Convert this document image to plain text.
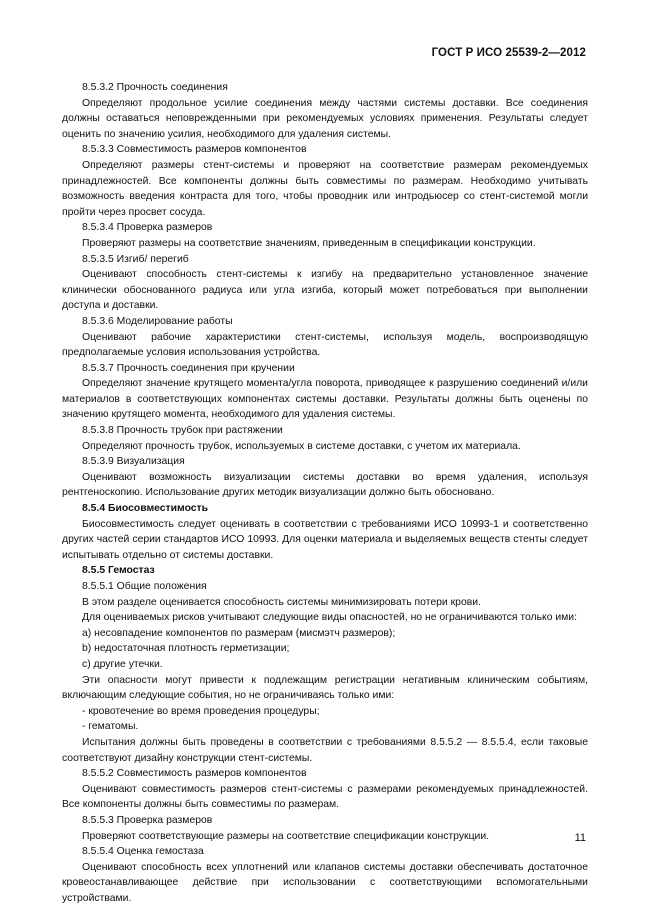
ГОСТ Р ИСО 25539-2—2012

8.5.3.2 Прочность соединения

Определяют продольное усилие соединения между частями системы доставки. Все соединения должны оставаться неповрежденными при рекомендуемых условиях применения. Результаты следует оценить по значению усилия, необходимого для удаления системы.

8.5.3.3 Совместимость размеров компонентов

Определяют размеры стент-системы и проверяют на соответствие размерам рекомендуемых принадлежностей. Все компоненты должны быть совместимы по размерам. Необходимо учитывать возможность введения контраста для того, чтобы проводник или интродьюсер со стент-системой могли пройти через просвет сосуда.

8.5.3.4 Проверка размеров

Проверяют размеры на соответствие значениям, приведенным в спецификации конструкции.

8.5.3.5 Изгиб/ перегиб

Оценивают способность стент-системы к изгибу на предварительно установленное значение клинически обоснованного радиуса или угла изгиба, который может потребоваться при выполнении доступа и доставки.

8.5.3.6 Моделирование работы

Оценивают рабочие характеристики стент-системы, используя модель, воспроизводящую предполагаемые условия использования устройства.

8.5.3.7 Прочность соединения при кручении

Определяют значение крутящего момента/угла поворота, приводящее к разрушению соединений и/или материалов в соответствующих компонентах системы доставки. Результаты должны быть оценены по значению крутящего момента, необходимого для удаления системы.

8.5.3.8 Прочность трубок при растяжении

Определяют прочность трубок, используемых в системе доставки, с учетом их материала.

8.5.3.9 Визуализация

Оценивают возможность визуализации системы доставки во время удаления, используя рентгеноскопию. Использование других методик визуализации должно быть обосновано.

8.5.4 Биосовместимость

Биосовместимость следует оценивать в соответствии с требованиями ИСО 10993-1 и соответственно других частей серии стандартов ИСО 10993. Для оценки материала и выделяемых веществ стенты следует испытывать отдельно от системы доставки.

8.5.5 Гемостаз

8.5.5.1 Общие положения

В этом разделе оценивается способность системы минимизировать потери крови.

Для оцениваемых рисков учитывают следующие виды опасностей, но не ограничиваются только ими:

а) несовпадение компонентов по размерам (мисмэтч размеров);

b) недостаточная плотность герметизации;

с) другие утечки.

Эти опасности могут привести к подлежащим регистрации негативным клиническим событиям, включающим следующие события, но не ограничиваясь только ими:

- кровотечение во время проведения процедуры;

- гематомы.

Испытания должны быть проведены в соответствии с требованиями 8.5.5.2 — 8.5.5.4, если таковые соответствуют дизайну конструкции стент-системы.

8.5.5.2 Совместимость размеров компонентов

Оценивают совместимость размеров стент-системы с размерами рекомендуемых принадлежностей. Все компоненты должны быть совместимы по размерам.

8.5.5.3 Проверка размеров

Проверяют соответствующие размеры на соответствие спецификации конструкции.

8.5.5.4 Оценка гемостаза

Оценивают способность всех уплотнений или клапанов системы доставки обеспечивать достаточное кровеостанавливающее действие при использовании с соответствующими вспомогательными устройствами.

11
